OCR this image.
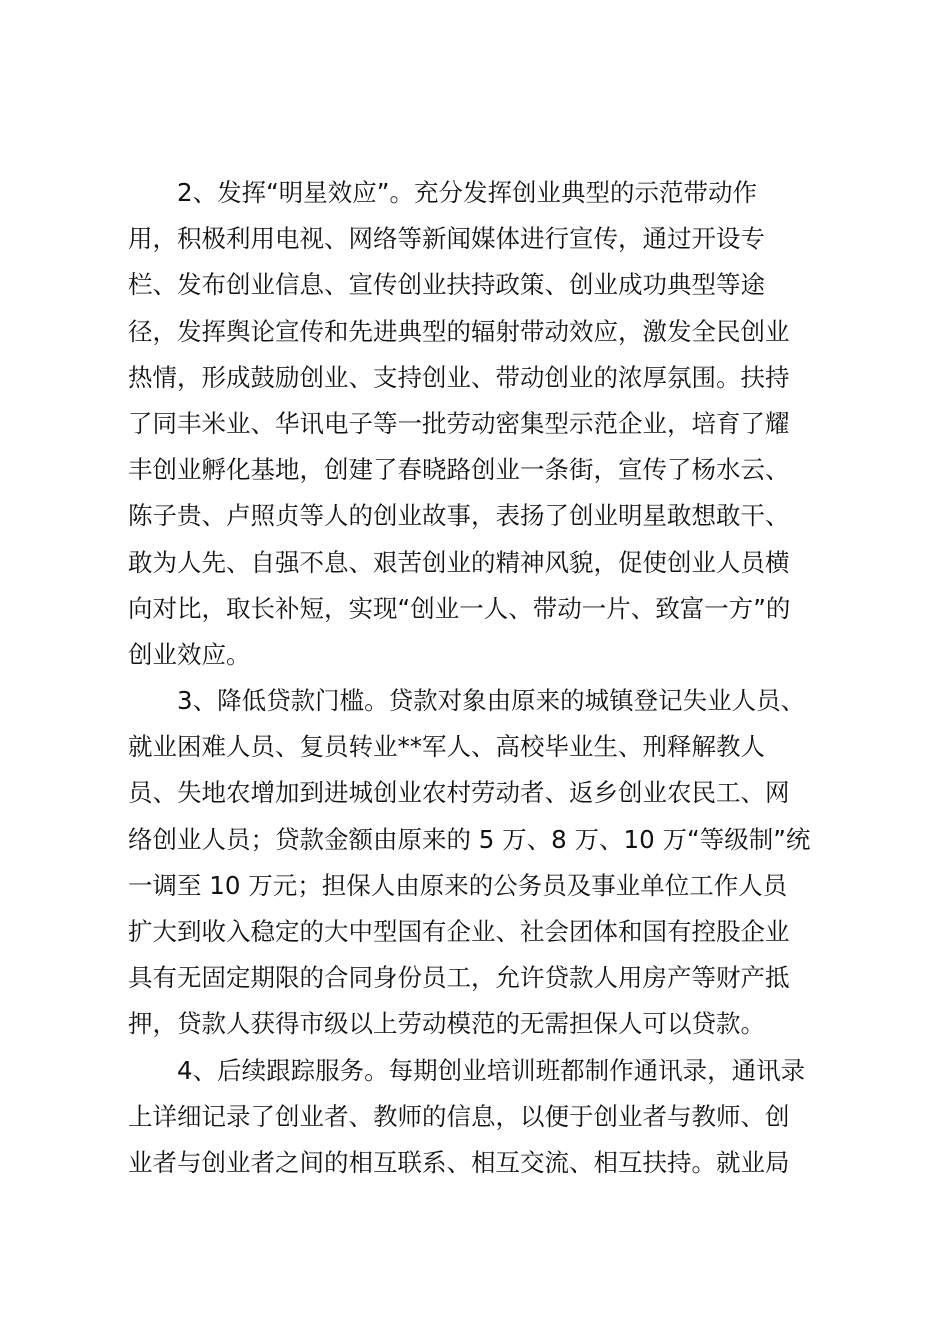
2、发挥“明星效应”。充分发挥创业典型的示范带动作
用，积极利用电视、网络等新闻媒体进行宣传，通过开设专
栏、发布创业信息、宣传创业扶持政策、创业成功典型等途
径，发挥舆论宣传和先进典型的辐射带动效应，激发全民创业
热情，形成鼓励创业、支持创业、带动创业的浓厚氛围。扶持
了同丰米业、华讯电子等一批劳动密集型示范企业，培育了耀
丰创业孵化基地，创建了春晓路创业一条街，宣传了杨水云、
陈子贵、卢照贞等人的创业故事，表扬了创业明星敢想敢干、
敢为人先、自强不息、艰苦创业的精神风貌，促使创业人员横
向对比，取长补短，实现“创业一人、带动一片、致富一方”的
创业效应。
3、降低贷款门槛。贷款对象由原来的城镇登记失业人员、
就业困难人员、复员转业**军人、高校毕业生、刑释解教人
员、失地农增加到进城创业农村劳动者、返乡创业农民工、网
络创业人员；贷款金额由原来的 5 万、8 万、10 万“等级制”统
一调至 10 万元；担保人由原来的公务员及事业单位工作人员
扩大到收入稳定的大中型国有企业、社会团体和国有控股企业
具有无固定期限的合同身份员工，允许贷款人用房产等财产抵
押，贷款人获得市级以上劳动模范的无需担保人可以贷款。
4、后续跟踪服务。每期创业培训班都制作通讯录，通讯录
上详细记录了创业者、教师的信息，以便于创业者与教师、创
业者与创业者之间的相互联系、相互交流、相互扶持。就业局
